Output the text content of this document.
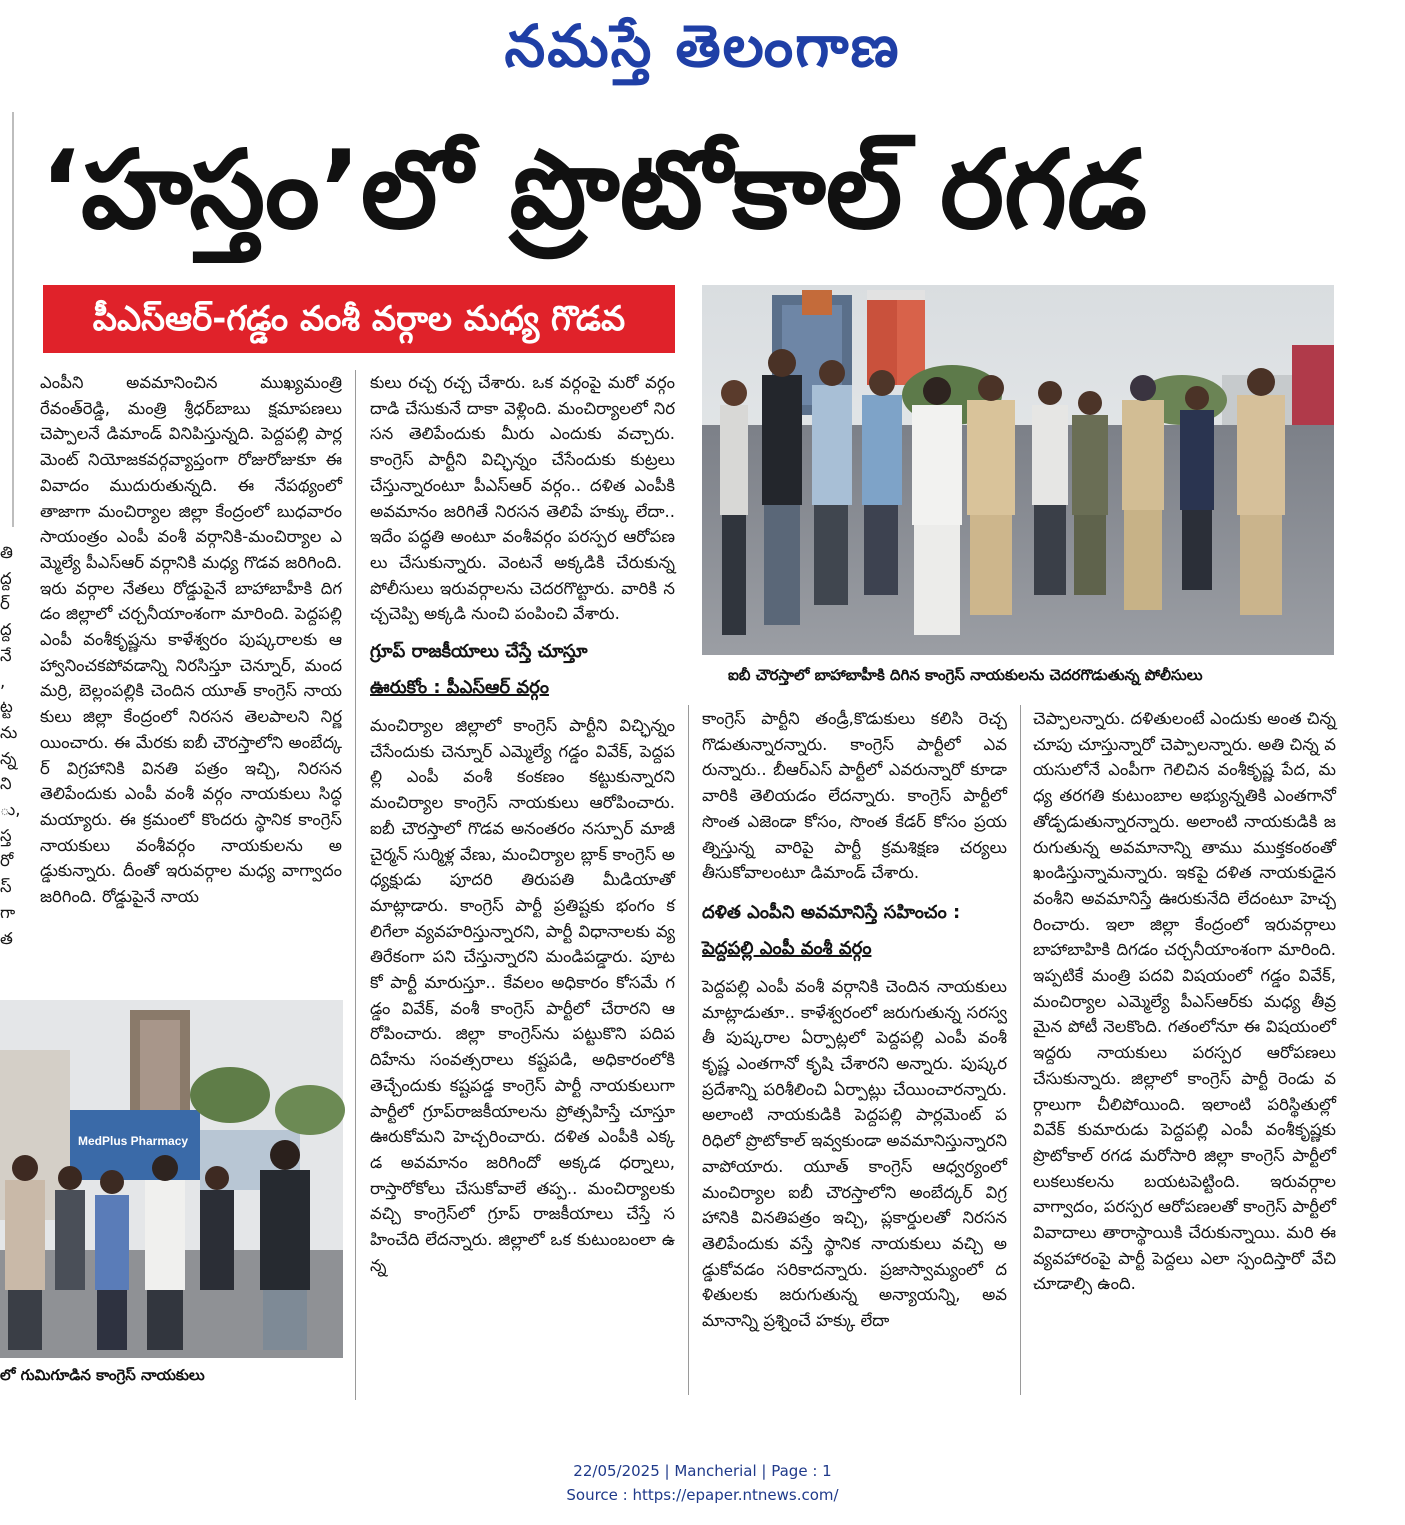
నమస్తే తెలంగాణ
‘హస్తం’లో ప్రొటోకాల్ రగడ
పీఎస్ఆర్-గడ్డం వంశీ వర్గాల మధ్య గొడవ
తి
ద్ద
ర్
ద్ద
నే
,
ట్ట
ను
న్న
ని
ు,
స్త
రో
స్
గా
త

ఎంపీని అవమానించిన ముఖ్యమంత్రి రేవంత్‌రెడ్డి, మంత్రి శ్రీధర్‌బాబు క్షమాపణలు చెప్పాలనే డిమాండ్ వినిపిస్తున్నది. పెద్దపల్లి పార్లమెంట్ నియోజకవర్గవ్యాప్తంగా రోజురోజుకూ ఈ వివాదం ముదురుతున్నది. ఈ నేపథ్యంలో తాజాగా మంచిర్యాల జిల్లా కేంద్రంలో బుధవారం సాయంత్రం ఎంపీ వంశీ వర్గానికి-మంచిర్యాల ఎమ్మెల్యే పీఎస్ఆర్ వర్గానికి మధ్య గొడవ జరిగింది. ఇరు వర్గాల నేతలు రోడ్డుపైనే బాహాబాహీకి దిగడం జిల్లాలో చర్చనీయాంశంగా మారింది. పెద్దపల్లి ఎంపీ వంశీకృష్ణను కాళేశ్వరం పుష్కరాలకు ఆహ్వానించకపోవడాన్ని నిరసిస్తూ చెన్నూర్, మందమర్రి, బెల్లంపల్లికి చెందిన యూత్ కాంగ్రెస్ నాయకులు జిల్లా కేంద్రంలో నిరసన తెలపాలని నిర్ణయించారు. ఈ మేరకు ఐబీ చౌరస్తాలోని అంబేద్కర్ విగ్రహానికి వినతి పత్రం ఇచ్చి, నిరసన తెలిపేందుకు ఎంపీ వంశీ వర్గం నాయకులు సిద్ధమయ్యారు. ఈ క్రమంలో కొందరు స్థానిక కాంగ్రెస్ నాయకులు వంశీవర్గం నాయకులను అడ్డుకున్నారు. దీంతో ఇరువర్గాల మధ్య వాగ్వాదం జరిగింది. రోడ్డుపైనే నాయ

కులు రచ్చ రచ్చ చేశారు. ఒక వర్గంపై మరో వర్గం దాడి చేసుకునే దాకా వెళ్లింది. మంచిర్యాలలో నిరసన తెలిపేందుకు మీరు ఎందుకు వచ్చారు. కాంగ్రెస్ పార్టీని విచ్ఛిన్నం చేసేందుకు కుట్రలు చేస్తున్నారంటూ పీఎస్ఆర్ వర్గం.. దళిత ఎంపీకి అవమానం జరిగితే నిరసన తెలిపే హక్కు లేదా.. ఇదేం పద్ధతి అంటూ వంశీవర్గం పరస్పర ఆరోపణలు చేసుకున్నారు. వెంటనే అక్కడికి చేరుకున్న పోలీసులు ఇరువర్గాలను చెదరగొట్టారు. వారికి నచ్చచెప్పి అక్కడి నుంచి పంపించి వేశారు.

గ్రూప్ రాజకీయాలు చేస్తే చూస్తూ
ఊరుకోం : పీఎస్ఆర్ వర్గం

మంచిర్యాల జిల్లాలో కాంగ్రెస్ పార్టీని విచ్ఛిన్నం చేసేందుకు చెన్నూర్ ఎమ్మెల్యే గడ్డం వివేక్, పెద్దపల్లి ఎంపీ వంశీ కంకణం కట్టుకున్నారని మంచిర్యాల కాంగ్రెస్ నాయకులు ఆరోపించారు. ఐబీ చౌరస్తాలో గొడవ అనంతరం నస్పూర్ మాజీ చైర్మన్ సుర్మిళ్ల వేణు, మంచిర్యాల బ్లాక్ కాంగ్రెస్ అధ్యక్షుడు పూదరి తిరుపతి మీడియాతో మాట్లాడారు. కాంగ్రెస్ పార్టీ ప్రతిష్టకు భంగం కలిగేలా వ్యవహరిస్తున్నారని, పార్టీ విధానాలకు వ్యతిరేకంగా పని చేస్తున్నారని మండిపడ్డారు. పూటకో పార్టీ మారుస్తూ.. కేవలం అధికారం కోసమే గడ్డం వివేక్, వంశీ కాంగ్రెస్ పార్టీలో చేరారని ఆరోపించారు. జిల్లా కాంగ్రెస్‌ను పట్టుకొని పదిపదిహేను సంవత్సరాలు కష్టపడి, అధికారంలోకి తెచ్చేందుకు కష్టపడ్డ కాంగ్రెస్ పార్టీ నాయకులుగా పార్టీలో గ్రూప్‌రాజకీయాలను ప్రోత్సహిస్తే చూస్తూ ఊరుకోమని హెచ్చరించారు. దళిత ఎంపీకి ఎక్కడ అవమానం జరిగిందో అక్కడ ధర్నాలు, రాస్తారోకోలు చేసుకోవాలే తప్ప.. మంచిర్యాలకు వచ్చి కాంగ్రెస్‌లో గ్రూప్ రాజకీయాలు చేస్తే సహించేది లేదన్నారు. జిల్లాలో ఒక కుటుంబంలా ఉన్న

ఐబీ చౌరస్తాలో బాహాబాహీకి దిగిన కాంగ్రెస్ నాయకులను చెదరగొడుతున్న పోలీసులు

కాంగ్రెస్ పార్టీని తండ్రీ,కొడుకులు కలిసి రెచ్చగొడుతున్నారన్నారు. కాంగ్రెస్ పార్టీలో ఎవరున్నారు.. బీఆర్ఎస్ పార్టీలో ఎవరున్నారో కూడా వారికి తెలియడం లేదన్నారు. కాంగ్రెస్ పార్టీలో సొంత ఎజెండా కోసం, సొంత కేడర్ కోసం ప్రయత్నిస్తున్న వారిపై పార్టీ క్రమశిక్షణ చర్యలు తీసుకోవాలంటూ డిమాండ్ చేశారు.

దళిత ఎంపీని అవమానిస్తే సహించం :
పెద్దపల్లి ఎంపీ వంశీ వర్గం

పెద్దపల్లి ఎంపీ వంశీ వర్గానికి చెందిన నాయకులు మాట్లాడుతూ.. కాళేశ్వరంలో జరుగుతున్న సరస్వతీ పుష్కరాల ఏర్పాట్లలో పెద్దపల్లి ఎంపీ వంశీ కృష్ణ ఎంతగానో కృషి చేశారని అన్నారు. పుష్కర ప్రదేశాన్ని పరిశీలించి ఏర్పాట్లు చేయించారన్నారు. అలాంటి నాయకుడికి పెద్దపల్లి పార్లమెంట్ పరిధిలో ప్రొటోకాల్ ఇవ్వకుండా అవమానిస్తున్నారని వాపోయారు. యూత్ కాంగ్రెస్ ఆధ్వర్యంలో మంచిర్యాల ఐబీ చౌరస్తాలోని అంబేద్కర్ విగ్రహానికి వినతిపత్రం ఇచ్చి, ప్లకార్డులతో నిరసన తెలిపేందుకు వస్తే స్థానిక నాయకులు వచ్చి అడ్డుకోవడం సరికాదన్నారు. ప్రజాస్వామ్యంలో దళితులకు జరుగుతున్న అన్యాయన్ని, అవమానాన్ని ప్రశ్నించే హక్కు లేదా

చెప్పాలన్నారు. దళితులంటే ఎందుకు అంత చిన్నచూపు చూస్తున్నారో చెప్పాలన్నారు. అతి చిన్న వయసులోనే ఎంపీగా గెలిచిన వంశీకృష్ణ పేద, మధ్య తరగతి కుటుంబాల అభ్యున్నతికి ఎంతగానో తోడ్పడుతున్నారన్నారు. అలాంటి నాయకుడికి జరుగుతున్న అవమానాన్ని తాము ముక్తకంఠంతో ఖండిస్తున్నామన్నారు. ఇకపై దళిత నాయకుడైన వంశీని అవమానిస్తే ఊరుకునేది లేదంటూ హెచ్చరించారు. ఇలా జిల్లా కేంద్రంలో ఇరువర్గాలు బాహాబాహికి దిగడం చర్చనీయాంశంగా మారింది. ఇప్పటికే మంత్రి పదవి విషయంలో గడ్డం వివేక్, మంచిర్యాల ఎమ్మెల్యే పీఎస్ఆర్‌కు మధ్య తీవ్రమైన పోటీ నెలకొంది. గతంలోనూ ఈ విషయంలో ఇద్దరు నాయకులు పరస్పర ఆరోపణలు చేసుకున్నారు. జిల్లాలో కాంగ్రెస్ పార్టీ రెండు వర్గాలుగా చీలిపోయింది. ఇలాంటి పరిస్థితుల్లో వివేక్ కుమారుడు పెద్దపల్లి ఎంపీ వంశీకృష్ణకు ప్రొటోకాల్ రగడ మరోసారి జిల్లా కాంగ్రెస్ పార్టీలో లుకలుకలను బయటపెట్టింది. ఇరువర్గాల వాగ్వాదం, పరస్పర ఆరోపణలతో కాంగ్రెస్ పార్టీలో వివాదాలు తారాస్థాయికి చేరుకున్నాయి. మరి ఈ వ్యవహారంపై పార్టీ పెద్దలు ఎలా స్పందిస్తారో వేచి చూడాల్సి ఉంది.

MedPlus Pharmacy
లో గుమిగూడిన కాంగ్రెస్ నాయకులు
22/05/2025 | Mancherial | Page : 1
Source : https://epaper.ntnews.com/
